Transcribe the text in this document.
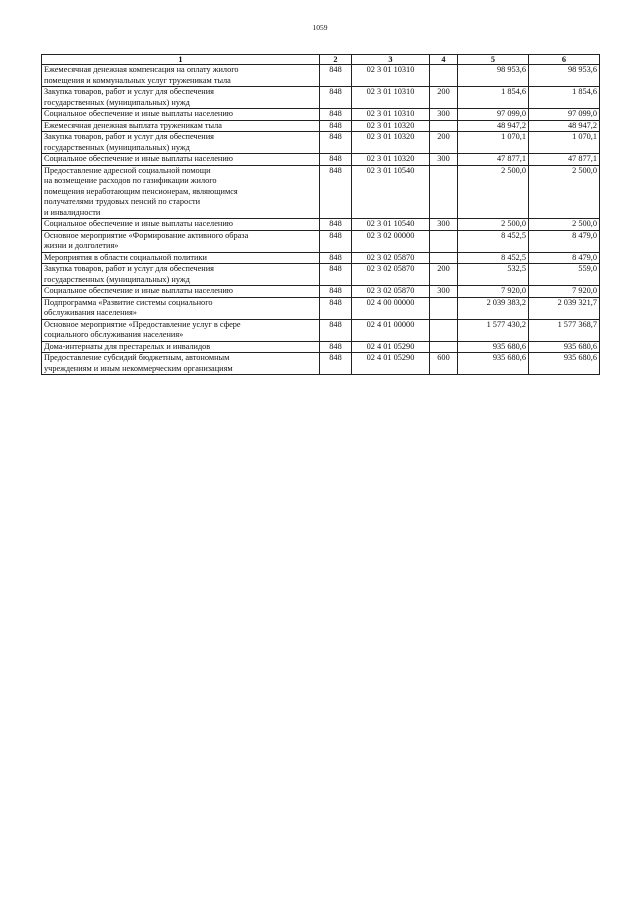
1059
1	2	3	4	5	6
Ежемесячная денежная компенсация на оплату жилого
помещения и коммунальных услуг труженикам тыла	848	02 3 01 10310		98 953,6	98 953,6
Закупка товаров, работ и услуг для обеспечения
государственных (муниципальных) нужд	848	02 3 01 10310	200	1 854,6	1 854,6
Социальное обеспечение и иные выплаты населению	848	02 3 01 10310	300	97 099,0	97 099,0
Ежемесячная денежная выплата труженикам тыла	848	02 3 01 10320		48 947,2	48 947,2
Закупка товаров, работ и услуг для обеспечения
государственных (муниципальных) нужд	848	02 3 01 10320	200	1 070,1	1 070,1
Социальное обеспечение и иные выплаты населению	848	02 3 01 10320	300	47 877,1	47 877,1
Предоставление адресной социальной помощи
на возмещение расходов по газификации жилого
помещения неработающим пенсионерам, являющимся
получателями трудовых пенсий по старости
и инвалидности	848	02 3 01 10540		2 500,0	2 500,0
Социальное обеспечение и иные выплаты населению	848	02 3 01 10540	300	2 500,0	2 500,0
Основное мероприятие «Формирование активного образа
жизни и долголетия»	848	02 3 02 00000		8 452,5	8 479,0
Мероприятия в области социальной политики	848	02 3 02 05870		8 452,5	8 479,0
Закупка товаров, работ и услуг для обеспечения
государственных (муниципальных) нужд	848	02 3 02 05870	200	532,5	559,0
Социальное обеспечение и иные выплаты населению	848	02 3 02 05870	300	7 920,0	7 920,0
Подпрограмма «Развитие системы социального
обслуживания населения»	848	02 4 00 00000		2 039 383,2	2 039 321,7
Основное мероприятие «Предоставление услуг в сфере
социального обслуживания населения»	848	02 4 01 00000		1 577 430,2	1 577 368,7
Дома-интернаты для престарелых и инвалидов	848	02 4 01 05290		935 680,6	935 680,6
Предоставление субсидий бюджетным, автономным
учреждениям и иным некоммерческим организациям	848	02 4 01 05290	600	935 680,6	935 680,6
